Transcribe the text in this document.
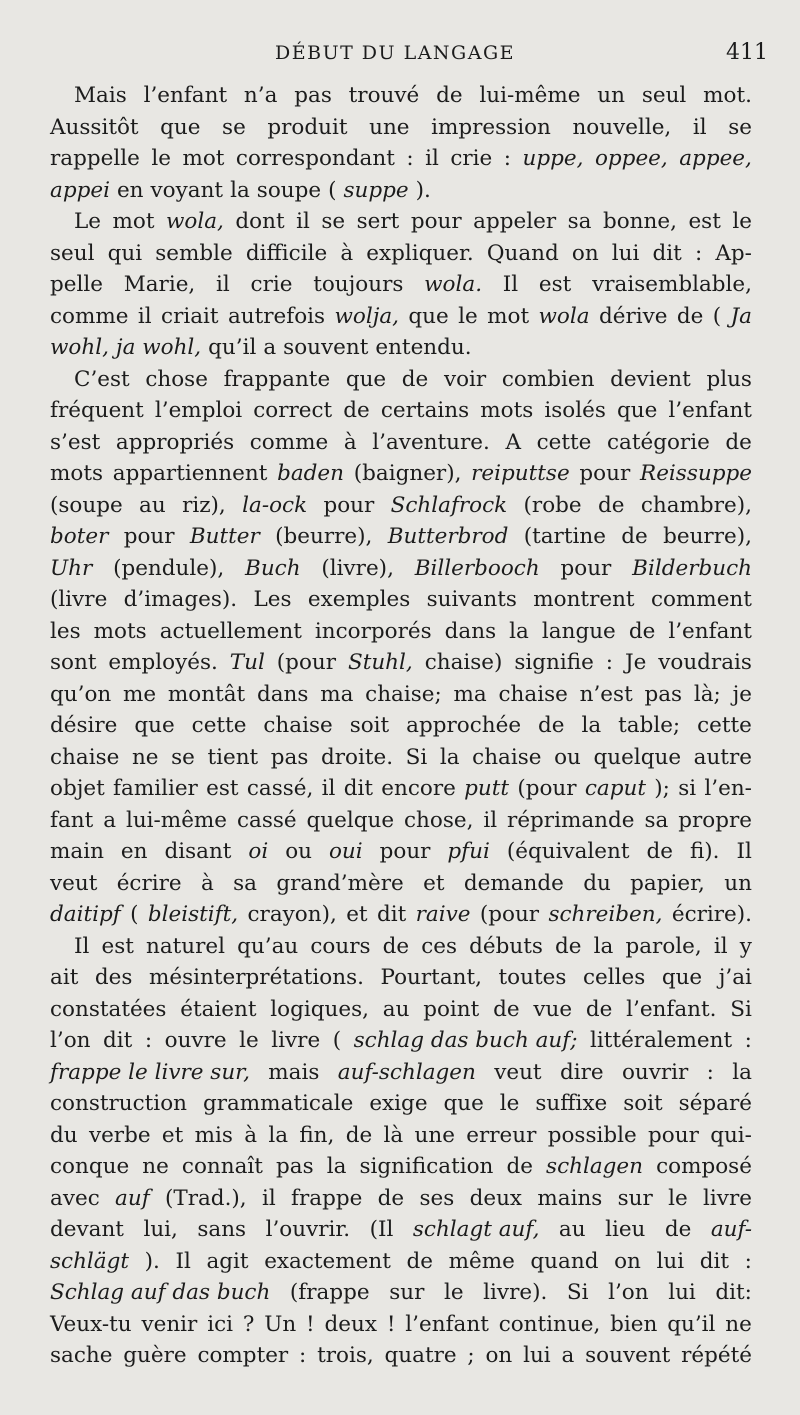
DÉBUT DU LANGAGE	411
Mais l’enfant n’a pas trouvé de lui-même un seul mot.
Aussitôt que se produit une impression nouvelle, il se
rappelle le mot correspondant : il crie : uppe, oppee, appee,
appei en voyant la soupe ( suppe ).
Le mot wola, dont il se sert pour appeler sa bonne, est le
seul qui semble difficile à expliquer. Quand on lui dit : Ap-
pelle Marie, il crie toujours wola. Il est vraisemblable,
comme il criait autrefois wolja, que le mot wola dérive de ( Ja
wohl, ja wohl, qu’il a souvent entendu.
C’est chose frappante que de voir combien devient plus
fréquent l’emploi correct de certains mots isolés que l’enfant
s’est appropriés comme à l’aventure. A cette catégorie de
mots appartiennent baden (baigner), reiputtse pour Reissuppe
(soupe au riz), la-ock pour Schlafrock (robe de chambre),
boter pour Butter (beurre), Butterbrod (tartine de beurre),
Uhr (pendule), Buch (livre), Billerbooch pour Bilderbuch
(livre d’images). Les exemples suivants montrent comment
les mots actuellement incorporés dans la langue de l’enfant
sont employés. Tul (pour Stuhl, chaise) signifie : Je voudrais
qu’on me montât dans ma chaise; ma chaise n’est pas là; je
désire que cette chaise soit approchée de la table; cette
chaise ne se tient pas droite. Si la chaise ou quelque autre
objet familier est cassé, il dit encore putt (pour caput ); si l’en-
fant a lui-même cassé quelque chose, il réprimande sa propre
main en disant oi ou oui pour pfui (équivalent de fi). Il
veut écrire à sa grand’mère et demande du papier, un
daitipf ( bleistift, crayon), et dit raive (pour schreiben, écrire).
Il est naturel qu’au cours de ces débuts de la parole, il y
ait des mésinterprétations. Pourtant, toutes celles que j’ai
constatées étaient logiques, au point de vue de l’enfant. Si
l’on dit : ouvre le livre ( schlag das buch auf; littéralement :
frappe le livre sur, mais auf-schlagen veut dire ouvrir : la
construction grammaticale exige que le suffixe soit séparé
du verbe et mis à la fin, de là une erreur possible pour qui-
conque ne connaît pas la signification de schlagen composé
avec auf (Trad.), il frappe de ses deux mains sur le livre
devant lui, sans l’ouvrir. (Il schlagt auf, au lieu de auf-
schlägt ). Il agit exactement de même quand on lui dit :
Schlag auf das buch (frappe sur le livre). Si l’on lui dit:
Veux-tu venir ici ? Un ! deux ! l’enfant continue, bien qu’il ne
sache guère compter : trois, quatre ; on lui a souvent répété
